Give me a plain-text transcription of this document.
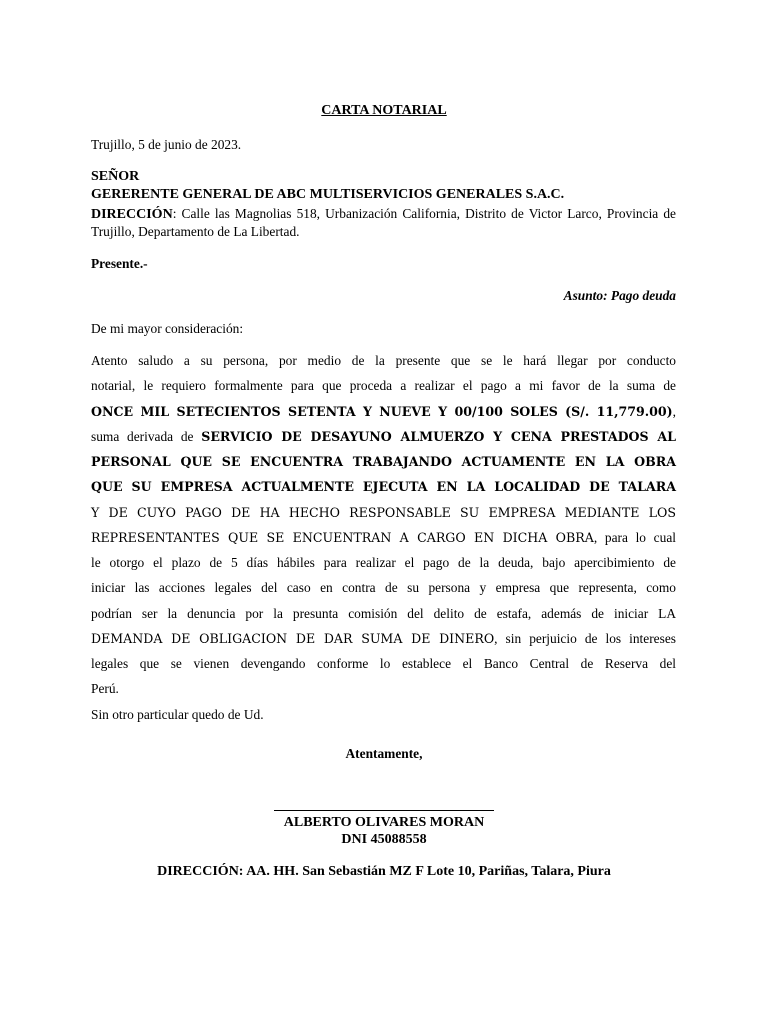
CARTA NOTARIAL
Trujillo, 5 de junio de 2023.
SEÑOR
GERERENTE GENERAL DE ABC MULTISERVICIOS GENERALES S.A.C.
DIRECCIÓN: Calle las Magnolias 518, Urbanización California, Distrito de Victor Larco, Provincia de Trujillo, Departamento de La Libertad.
Presente.-
Asunto: Pago deuda
De mi mayor consideración:
Atento saludo a su persona, por medio de la presente que se le hará llegar por conducto
notarial, le requiero formalmente para que proceda a realizar el pago a mi favor de la suma de
ONCE MIL SETECIENTOS SETENTA Y NUEVE Y 00/100 SOLES (S/. 11,779.00),
suma derivada de SERVICIO DE DESAYUNO ALMUERZO Y CENA PRESTADOS AL
PERSONAL QUE SE ENCUENTRA TRABAJANDO ACTUAMENTE EN LA OBRA
QUE SU EMPRESA ACTUALMENTE EJECUTA EN LA LOCALIDAD DE TALARA
Y DE CUYO PAGO DE HA HECHO RESPONSABLE SU EMPRESA MEDIANTE LOS
REPRESENTANTES QUE SE ENCUENTRAN A CARGO EN DICHA OBRA, para lo cual
le otorgo el plazo de 5 días hábiles para realizar el pago de la deuda, bajo apercibimiento de
iniciar las acciones legales del caso en contra de su persona y empresa que representa, como
podrían ser la denuncia por la presunta comisión del delito de estafa, además de iniciar LA
DEMANDA DE OBLIGACION DE DAR SUMA DE DINERO, sin perjuicio de los intereses
legales que se vienen devengando conforme lo establece el Banco Central de Reserva del
Perú.
Sin otro particular quedo de Ud.
Atentamente,
ALBERTO OLIVARES MORAN
DNI 45088558
DIRECCIÓN: AA. HH. San Sebastián MZ F Lote 10, Pariñas, Talara, Piura
